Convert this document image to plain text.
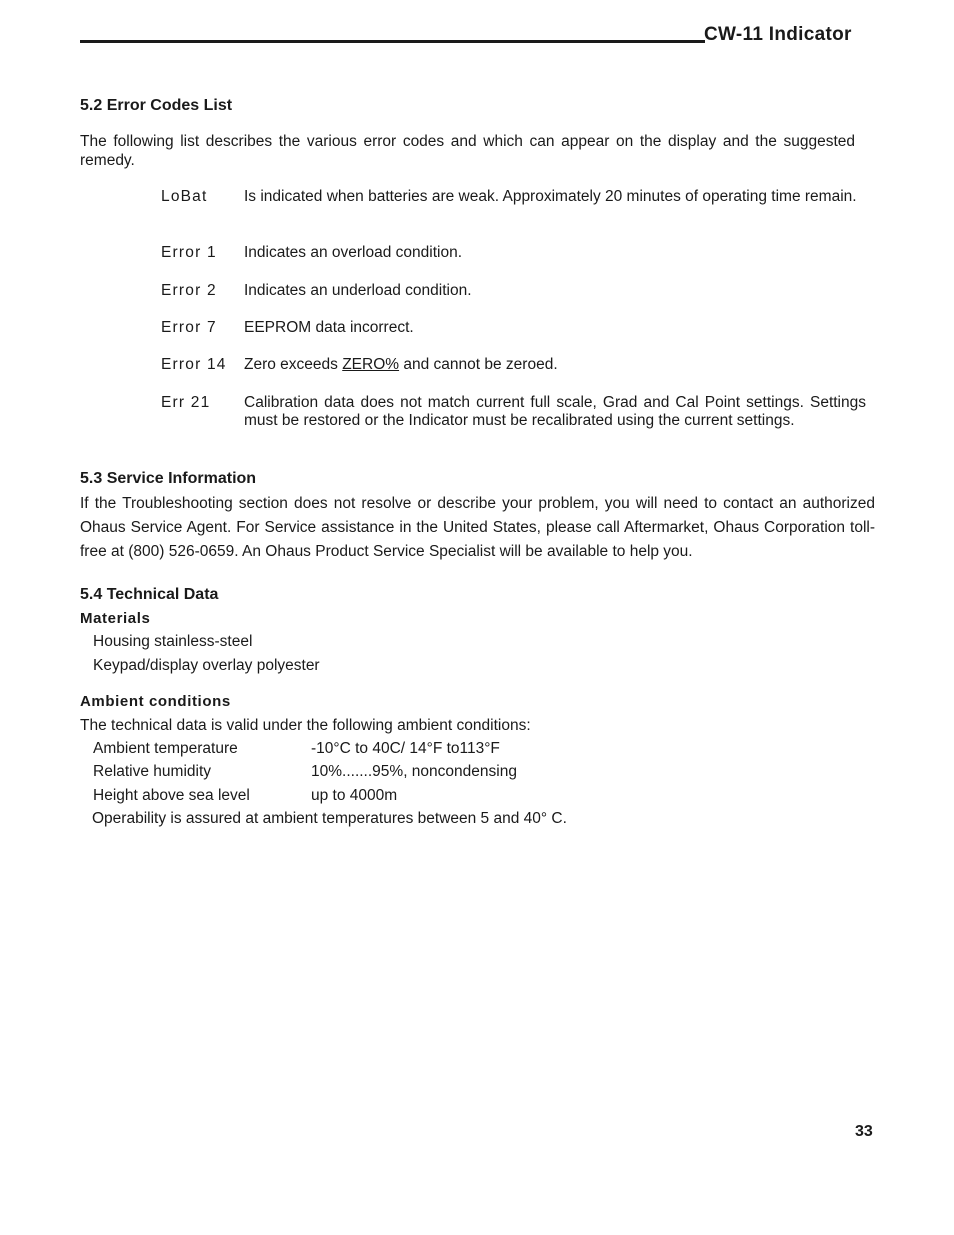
CW-11 Indicator
5.2 Error Codes List
The following list describes the various error codes and which can appear on the display and the suggested remedy.
LoBat Is indicated when batteries are weak. Approximately 20 minutes of operating time remain.
Error 1 Indicates an overload condition.
Error 2 Indicates an underload condition.
Error 7 EEPROM data incorrect.
Error 14 Zero exceeds ZERO% and cannot be zeroed.
Err 21 Calibration data does not match current full scale, Grad and Cal Point settings. Settings must be restored or the Indicator must be recalibrated using the current settings.
5.3 Service Information
If the Troubleshooting section does not resolve or describe your problem, you will need to contact an authorized Ohaus Service Agent. For Service assistance in the United States, please call Aftermarket, Ohaus Corporation toll-free at (800) 526-0659. An Ohaus Product Service Specialist will be available to help you.
5.4 Technical Data
Materials
Housing stainless-steel
Keypad/display overlay polyester
Ambient conditions
The technical data is valid under the following ambient conditions:
Ambient temperature	-10°C to 40C/ 14°F to113°F
Relative humidity	10%.......95%, noncondensing
Height above sea level	up to 4000m
Operability is assured at ambient temperatures between 5 and 40° C.
33
